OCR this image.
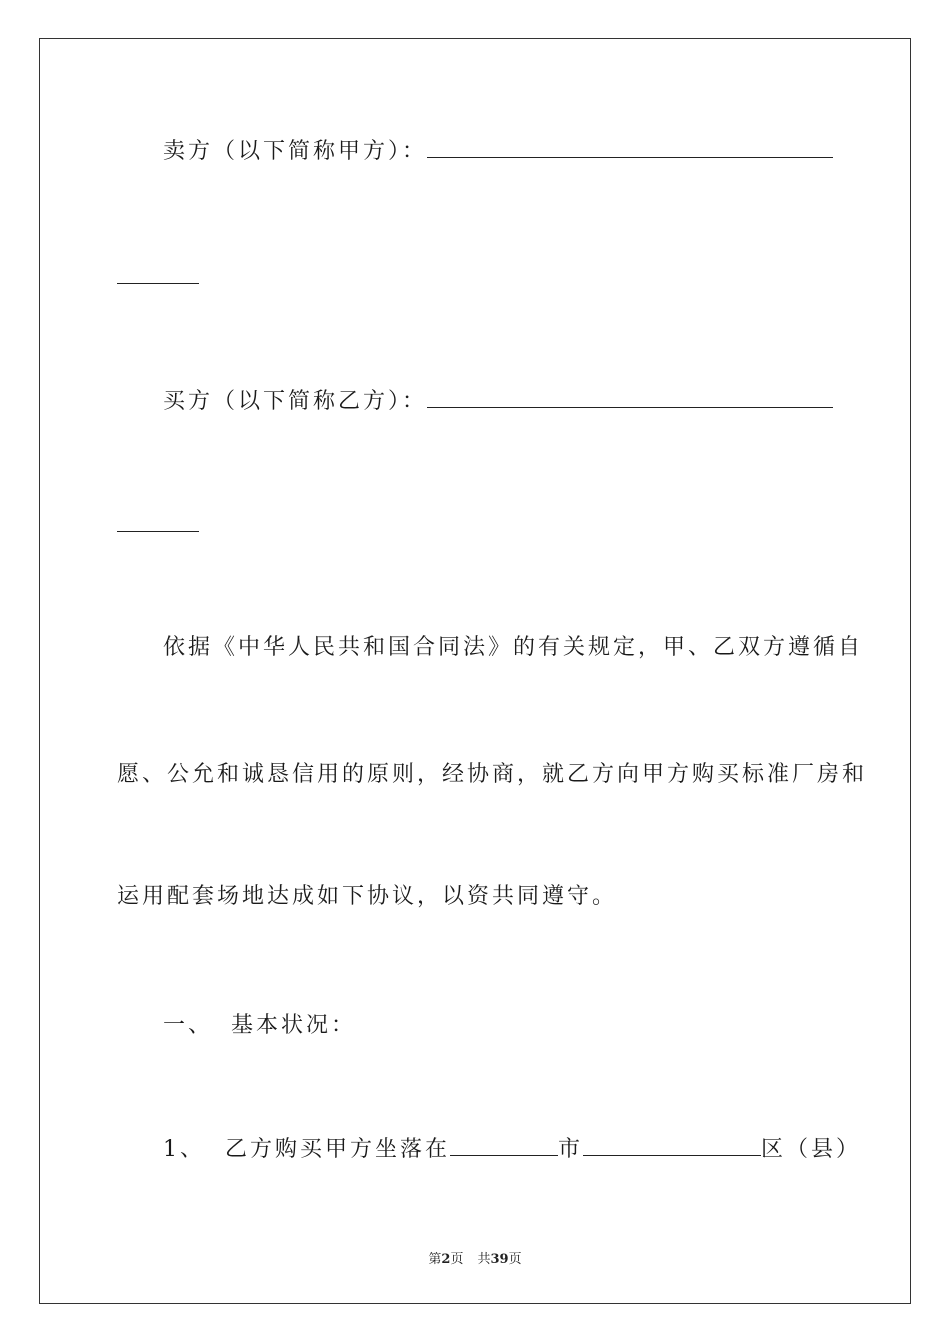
卖方（以下简称甲方）：
买方（以下简称乙方）：
依据《中华人民共和国合同法》的有关规定，甲、乙双方遵循自
愿、公允和诚恳信用的原则，经协商，就乙方向甲方购买标准厂房和
运用配套场地达成如下协议，以资共同遵守。
一、 基本状况：
1、 乙方购买甲方坐落在	市	区（县）
第2页 共39页
